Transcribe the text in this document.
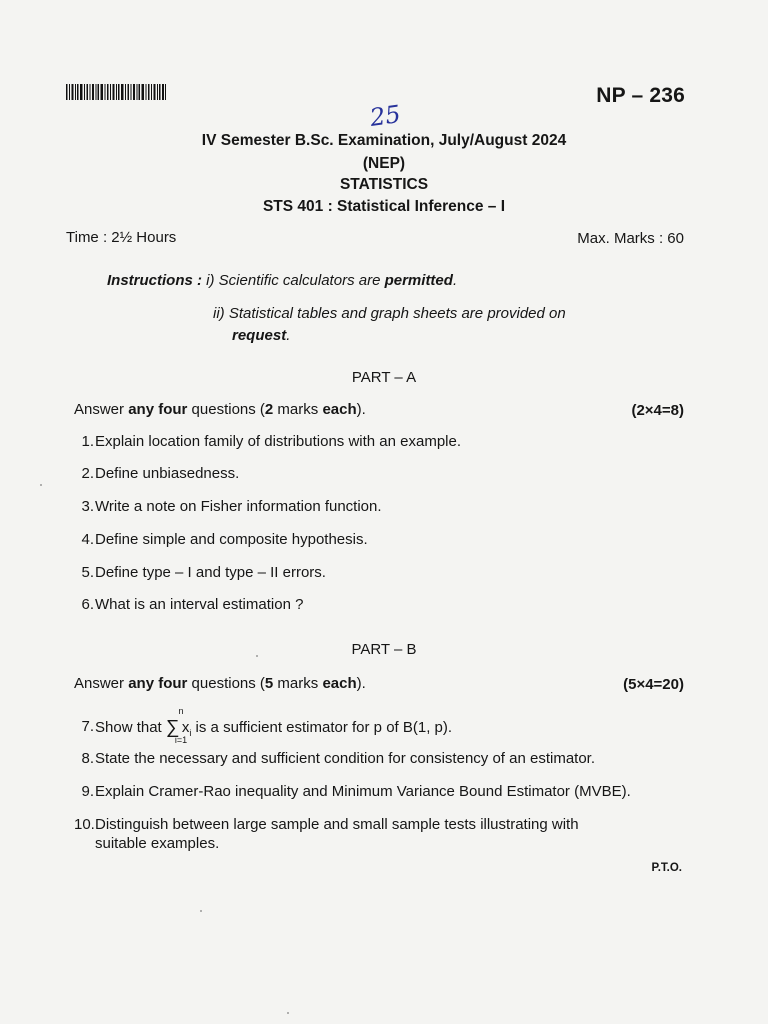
NP – 236
25
IV Semester B.Sc. Examination, July/August 2024
(NEP)
STATISTICS
STS 401 : Statistical Inference – I
Time : 2½ Hours	Max. Marks : 60
Instructions : i) Scientific calculators are permitted.
ii) Statistical tables and graph sheets are provided on
request.
PART – A
Answer any four questions (2 marks each).	(2×4=8)
1. Explain location family of distributions with an example.
2. Define unbiasedness.
3. Write a note on Fisher information function.
4. Define simple and composite hypothesis.
5. Define type – I and type – II errors.
6. What is an interval estimation ?
PART – B
Answer any four questions (5 marks each).	(5×4=20)
7. Show that ∑ $x_i$ is a sufficient estimator for p of B(1, p).
n
i=1
8. State the necessary and sufficient condition for consistency of an estimator.
9. Explain Cramer-Rao inequality and Minimum Variance Bound Estimator (MVBE).
10. Distinguish between large sample and small sample tests illustrating with suitable examples.
P.T.O.
